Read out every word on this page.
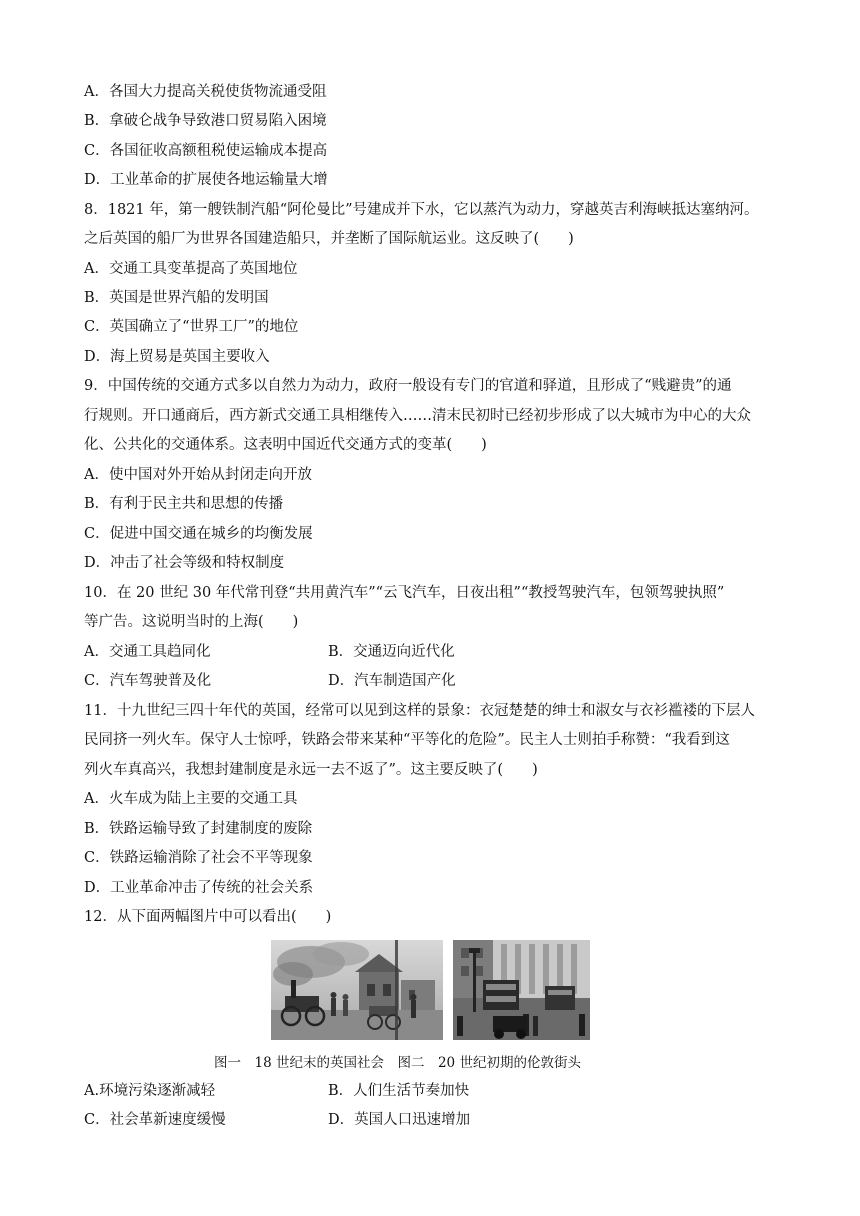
A．各国大力提高关税使货物流通受阻
B．拿破仑战争导致港口贸易陷入困境
C．各国征收高额租税使运输成本提高
D．工业革命的扩展使各地运输量大增
8．1821 年，第一艘铁制汽船“阿伦曼比”号建成并下水，它以蒸汽为动力，穿越英吉利海峡抵达塞纳河。
之后英国的船厂为世界各国建造船只，并垄断了国际航运业。这反映了(　　)
A．交通工具变革提高了英国地位
B．英国是世界汽船的发明国
C．英国确立了“世界工厂”的地位
D．海上贸易是英国主要收入
9．中国传统的交通方式多以自然力为动力，政府一般设有专门的官道和驿道，且形成了“贱避贵”的通
行规则。开口通商后，西方新式交通工具相继传入……清末民初时已经初步形成了以大城市为中心的大众
化、公共化的交通体系。这表明中国近代交通方式的变革(　　)
A．使中国对外开始从封闭走向开放
B．有利于民主共和思想的传播
C．促进中国交通在城乡的均衡发展
D．冲击了社会等级和特权制度
10．在 20 世纪 30 年代常刊登“共用黄汽车”“云飞汽车，日夜出租”“教授驾驶汽车，包领驾驶执照”
等广告。这说明当时的上海(　　)
A．交通工具趋同化	B．交通迈向近代化
C．汽车驾驶普及化	D．汽车制造国产化
11．十九世纪三四十年代的英国，经常可以见到这样的景象：衣冠楚楚的绅士和淑女与衣衫褴褛的下层人
民同挤一列火车。保守人士惊呼，铁路会带来某种“平等化的危险”。民主人士则拍手称赞：“我看到这
列火车真高兴，我想封建制度是永远一去不返了”。这主要反映了(　　)
A．火车成为陆上主要的交通工具
B．铁路运输导致了封建制度的废除
C．铁路运输消除了社会不平等现象
D．工业革命冲击了传统的社会关系
12．从下面两幅图片中可以看出(　　)
图一　18 世纪末的英国社会　图二　20 世纪初期的伦敦街头
A.环境污染逐渐减轻	B．人们生活节奏加快
C．社会革新速度缓慢	D．英国人口迅速增加
